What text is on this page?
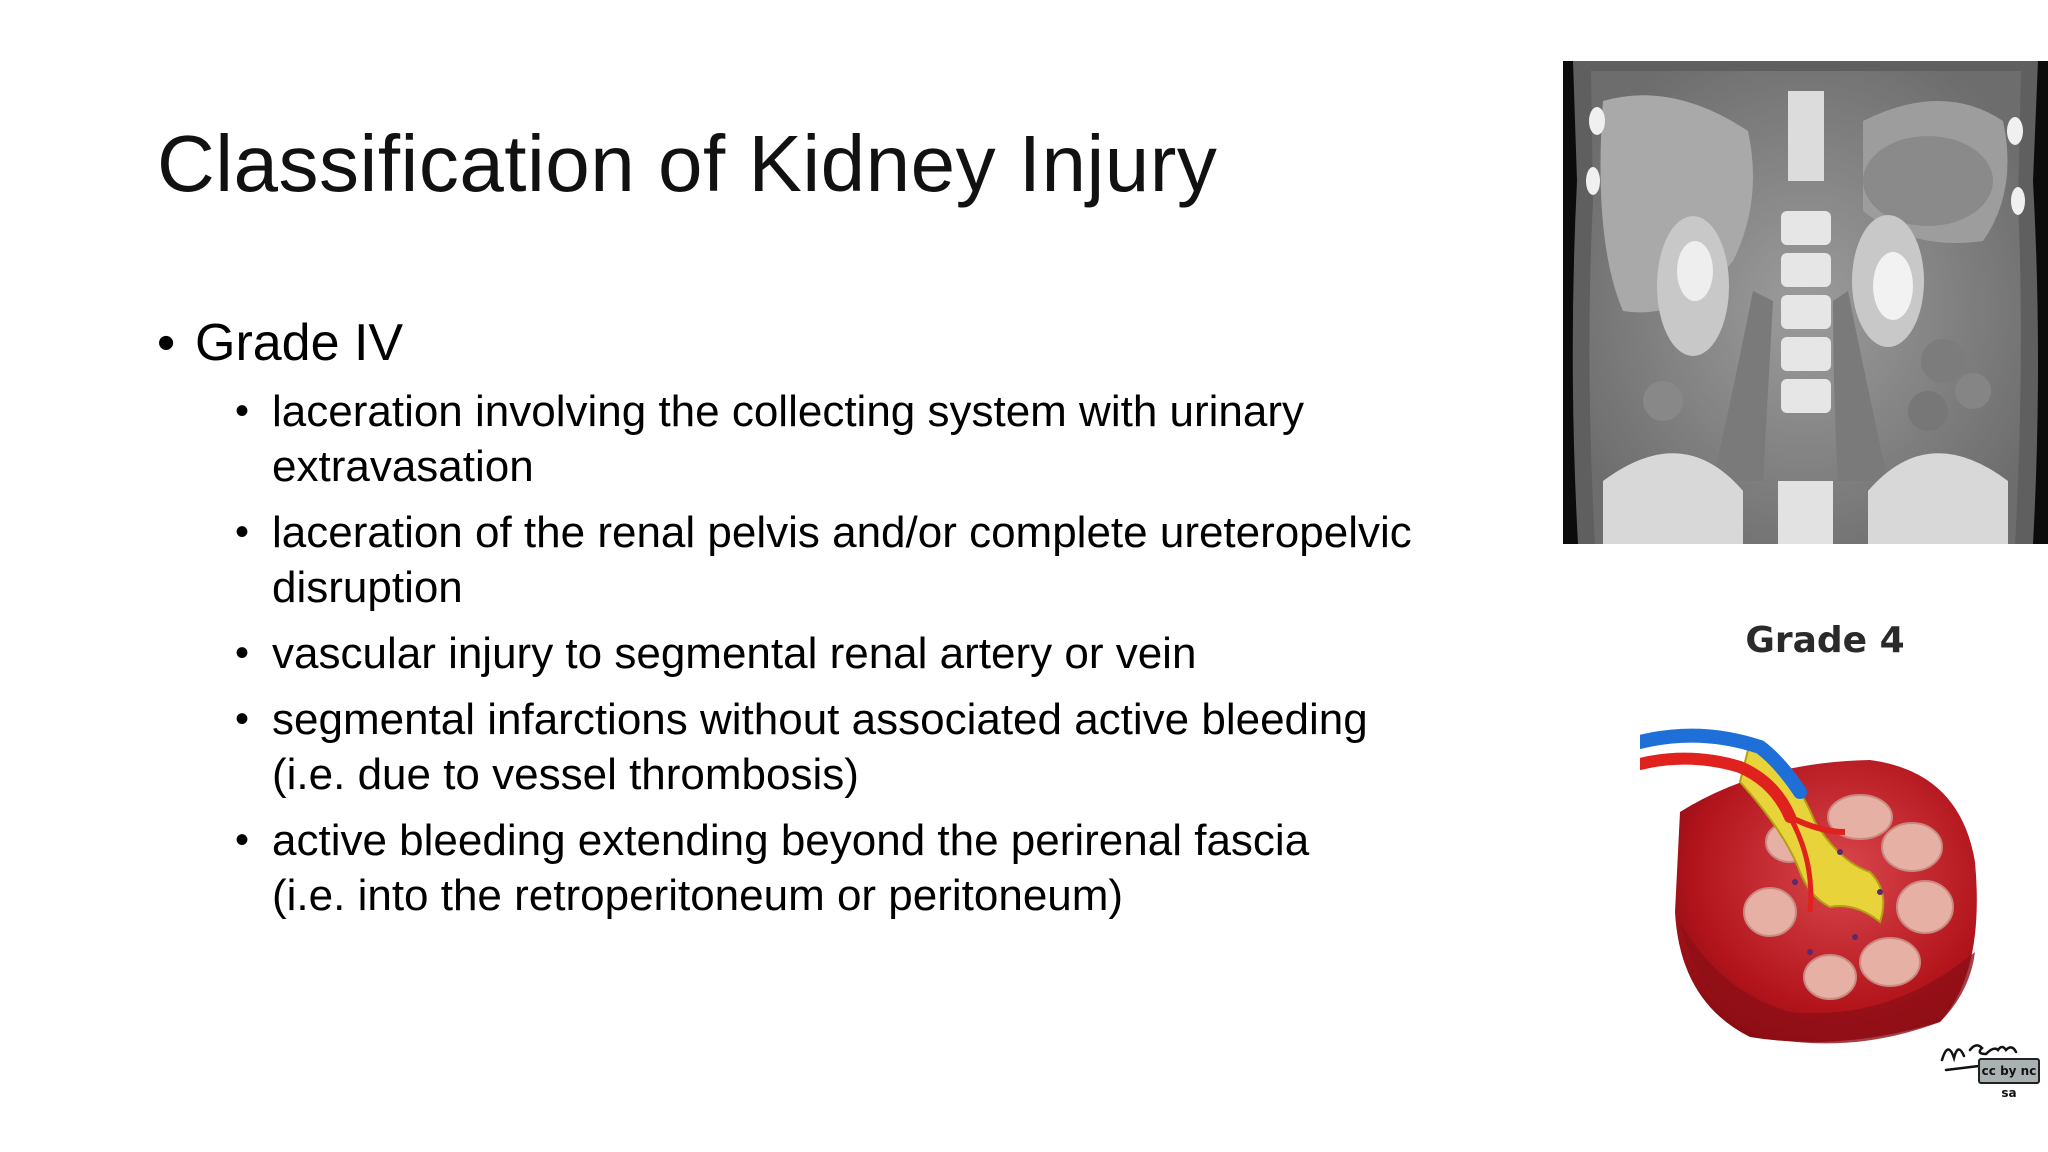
Classification of Kidney Injury
• Grade IV
• laceration involving the collecting system with urinary
extravasation
• laceration of the renal pelvis and/or complete ureteropelvic
disruption
• vascular injury to segmental renal artery or vein
• segmental infarctions without associated active bleeding
(i.e. due to vessel thrombosis)
• active bleeding extending beyond the perirenal fascia
(i.e. into the retroperitoneum or peritoneum)
Grade 4
cc by nc sa
